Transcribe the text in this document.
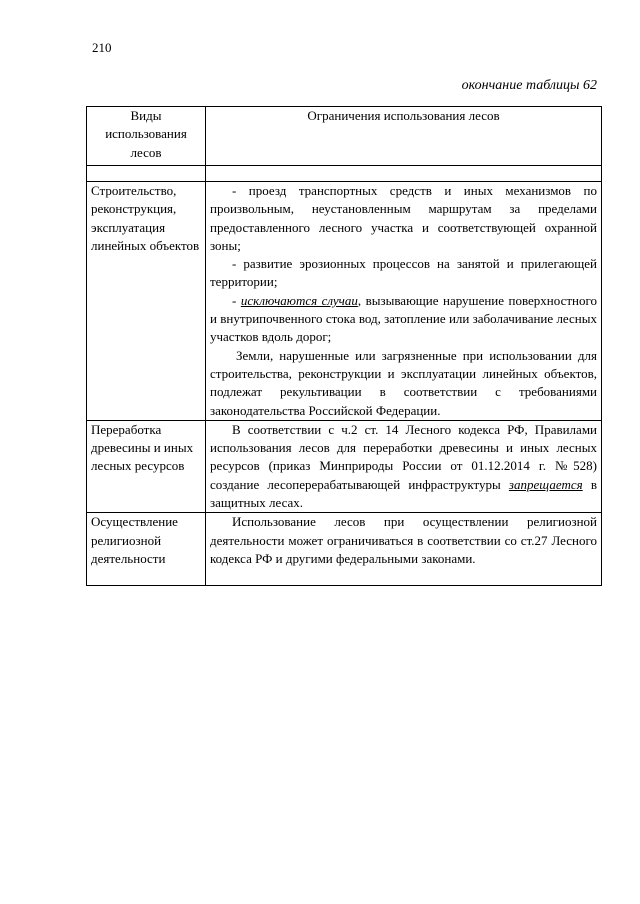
210
окончание таблицы 62
Виды использования лесов	Ограничения использования лесов

Строительство, реконструкция, эксплуатация линейных объектов	- проезд транспортных средств и иных механизмов по произвольным, неустановленным маршрутам за пределами предоставленного лесного участка и соответствующей охранной зоны;

- развитие эрозионных процессов на занятой и прилегающей территории;

- исключаются случаи, вызывающие нарушение поверхностного и внутрипочвенного стока вод, затопление или заболачивание лесных участков вдоль дорог;

Земли, нарушенные или загрязненные при использовании для строительства, реконструкции и эксплуатации линейных объектов, подлежат рекультивации в соответствии с требованиями законодательства Российской Федерации.

Переработка древесины и иных лесных ресурсов	В соответствии с ч.2 ст. 14 Лесного кодекса РФ, Правилами использования лесов для переработки древесины и иных лесных ресурсов (приказ Минприроды России от 01.12.2014 г. №528) создание лесоперерабатывающей инфраструктуры запрещается в защитных лесах.

Осуществление религиозной деятельности	Использование лесов при осуществлении религиозной деятельности может ограничиваться в соответствии со ст.27 Лесного кодекса РФ и другими федеральными законами.
